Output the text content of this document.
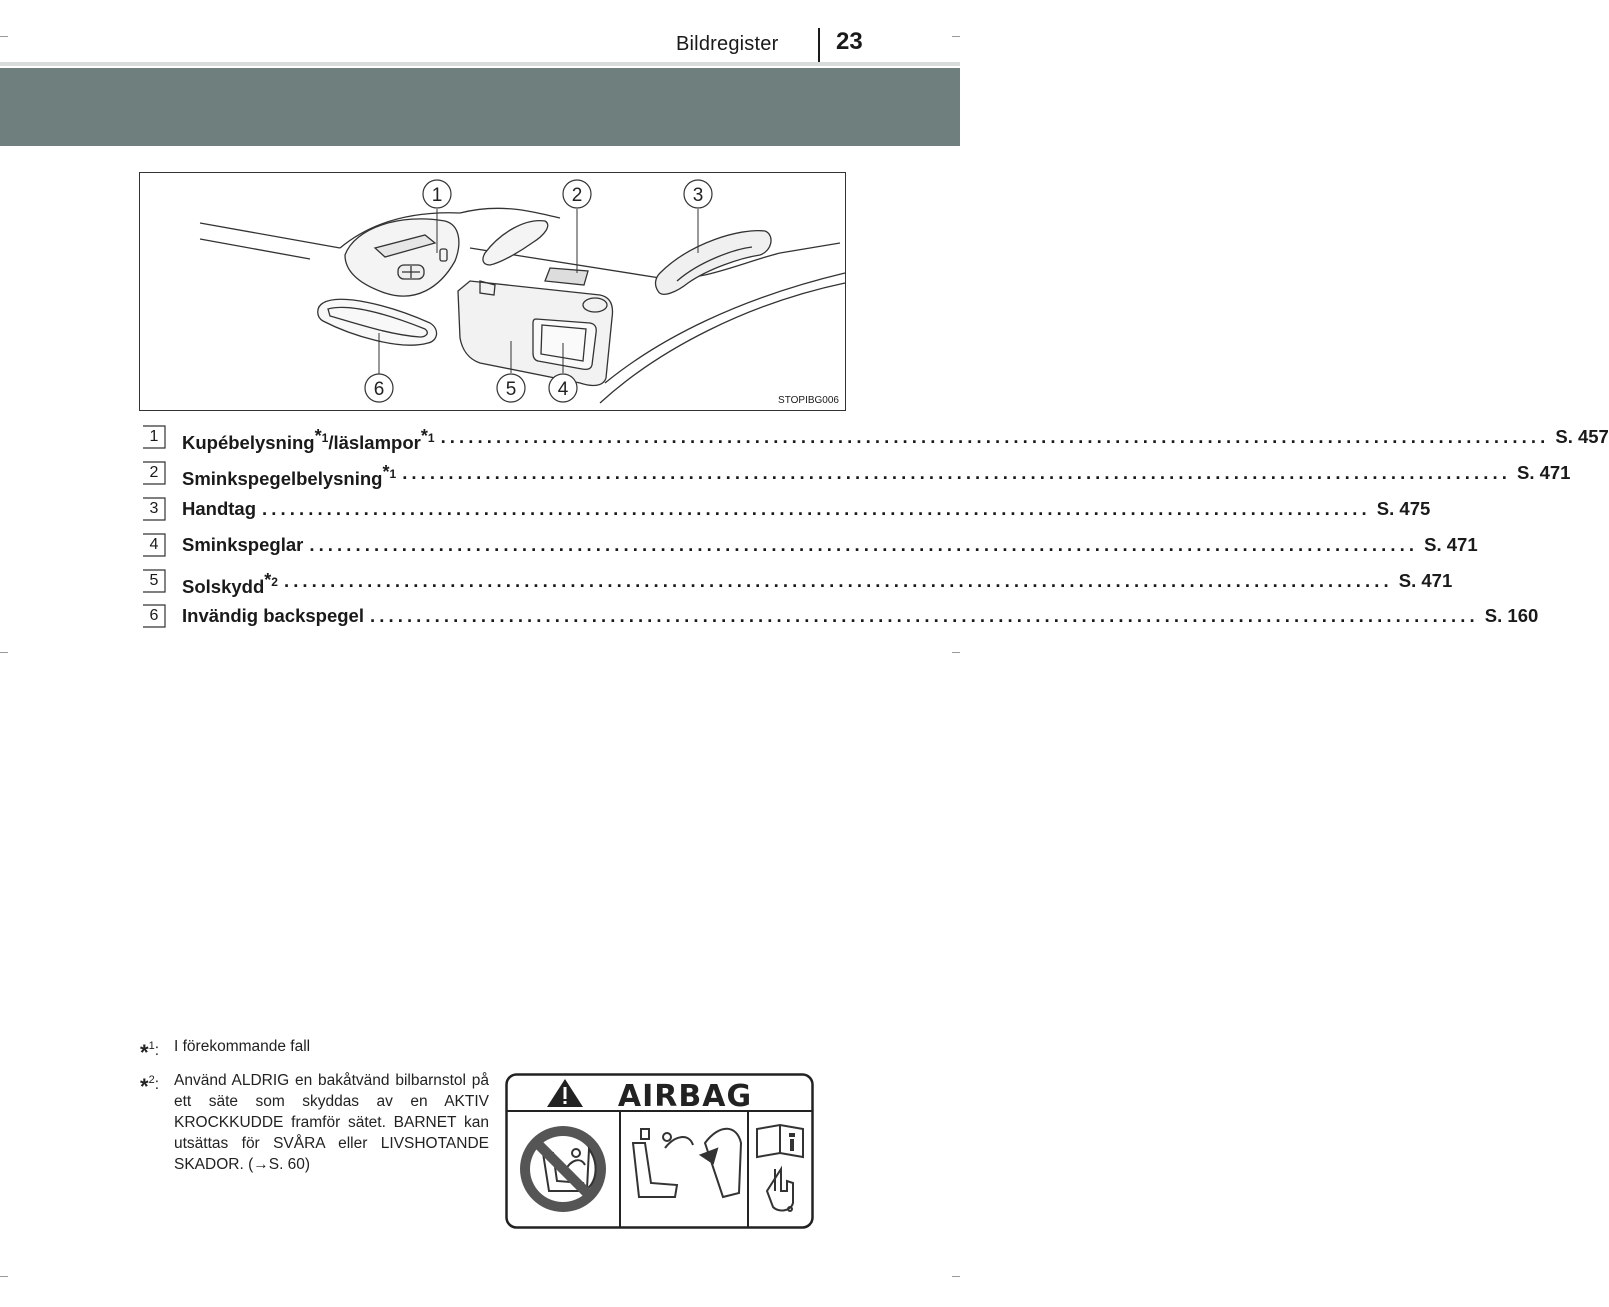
Bildregister 23
1	2	3
4
5
6
STOPIBG006
1	Kupébelysning$^{*1}$/läslampor$^{*1}$ ........................................................................................................................ S. 457
2	Sminkspegelbelysning$^{*1}$ ........................................................................................................................ S. 471
3	Handtag ........................................................................................................................ S. 475
4	Sminkspeglar ........................................................................................................................ S. 471
5	Solskydd$^{*2}$ ........................................................................................................................ S. 471
6	Invändig backspegel ........................................................................................................................ S. 160
*$^1$: I förekommande fall
*$^2$: Använd ALDRIG en bakåtvänd bilbarnstol på ett säte som skyddas av en AKTIV KROCKKUDDE framför sätet. BARNET kan utsättas för SVÅRA eller LIVSHOTANDE SKADOR. (→S. 60)
AIRBAG
